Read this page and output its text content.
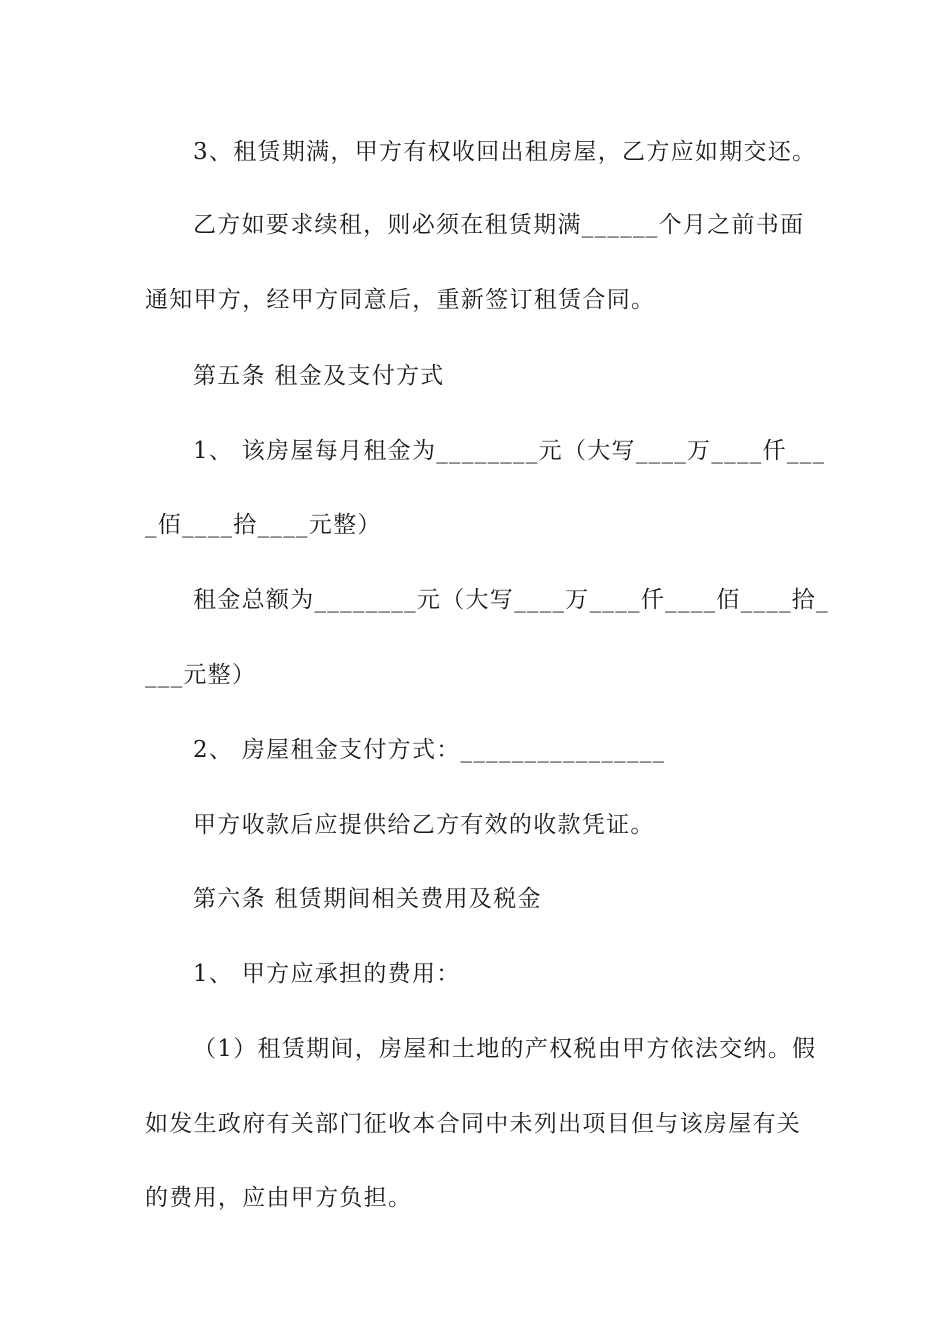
3、租赁期满，甲方有权收回出租房屋，乙方应如期交还。

乙方如要求续租，则必须在租赁期满______个月之前书面

通知甲方，经甲方同意后，重新签订租赁合同。

第五条 租金及支付方式

1、 该房屋每月租金为________元（大写____万____仟___

_佰____拾____元整）

租金总额为________元（大写____万____仟____佰____拾_

___元整）

2、 房屋租金支付方式：________________

甲方收款后应提供给乙方有效的收款凭证。

第六条 租赁期间相关费用及税金

1、 甲方应承担的费用：

（1）租赁期间，房屋和土地的产权税由甲方依法交纳。假

如发生政府有关部门征收本合同中未列出项目但与该房屋有关

的费用，应由甲方负担。
